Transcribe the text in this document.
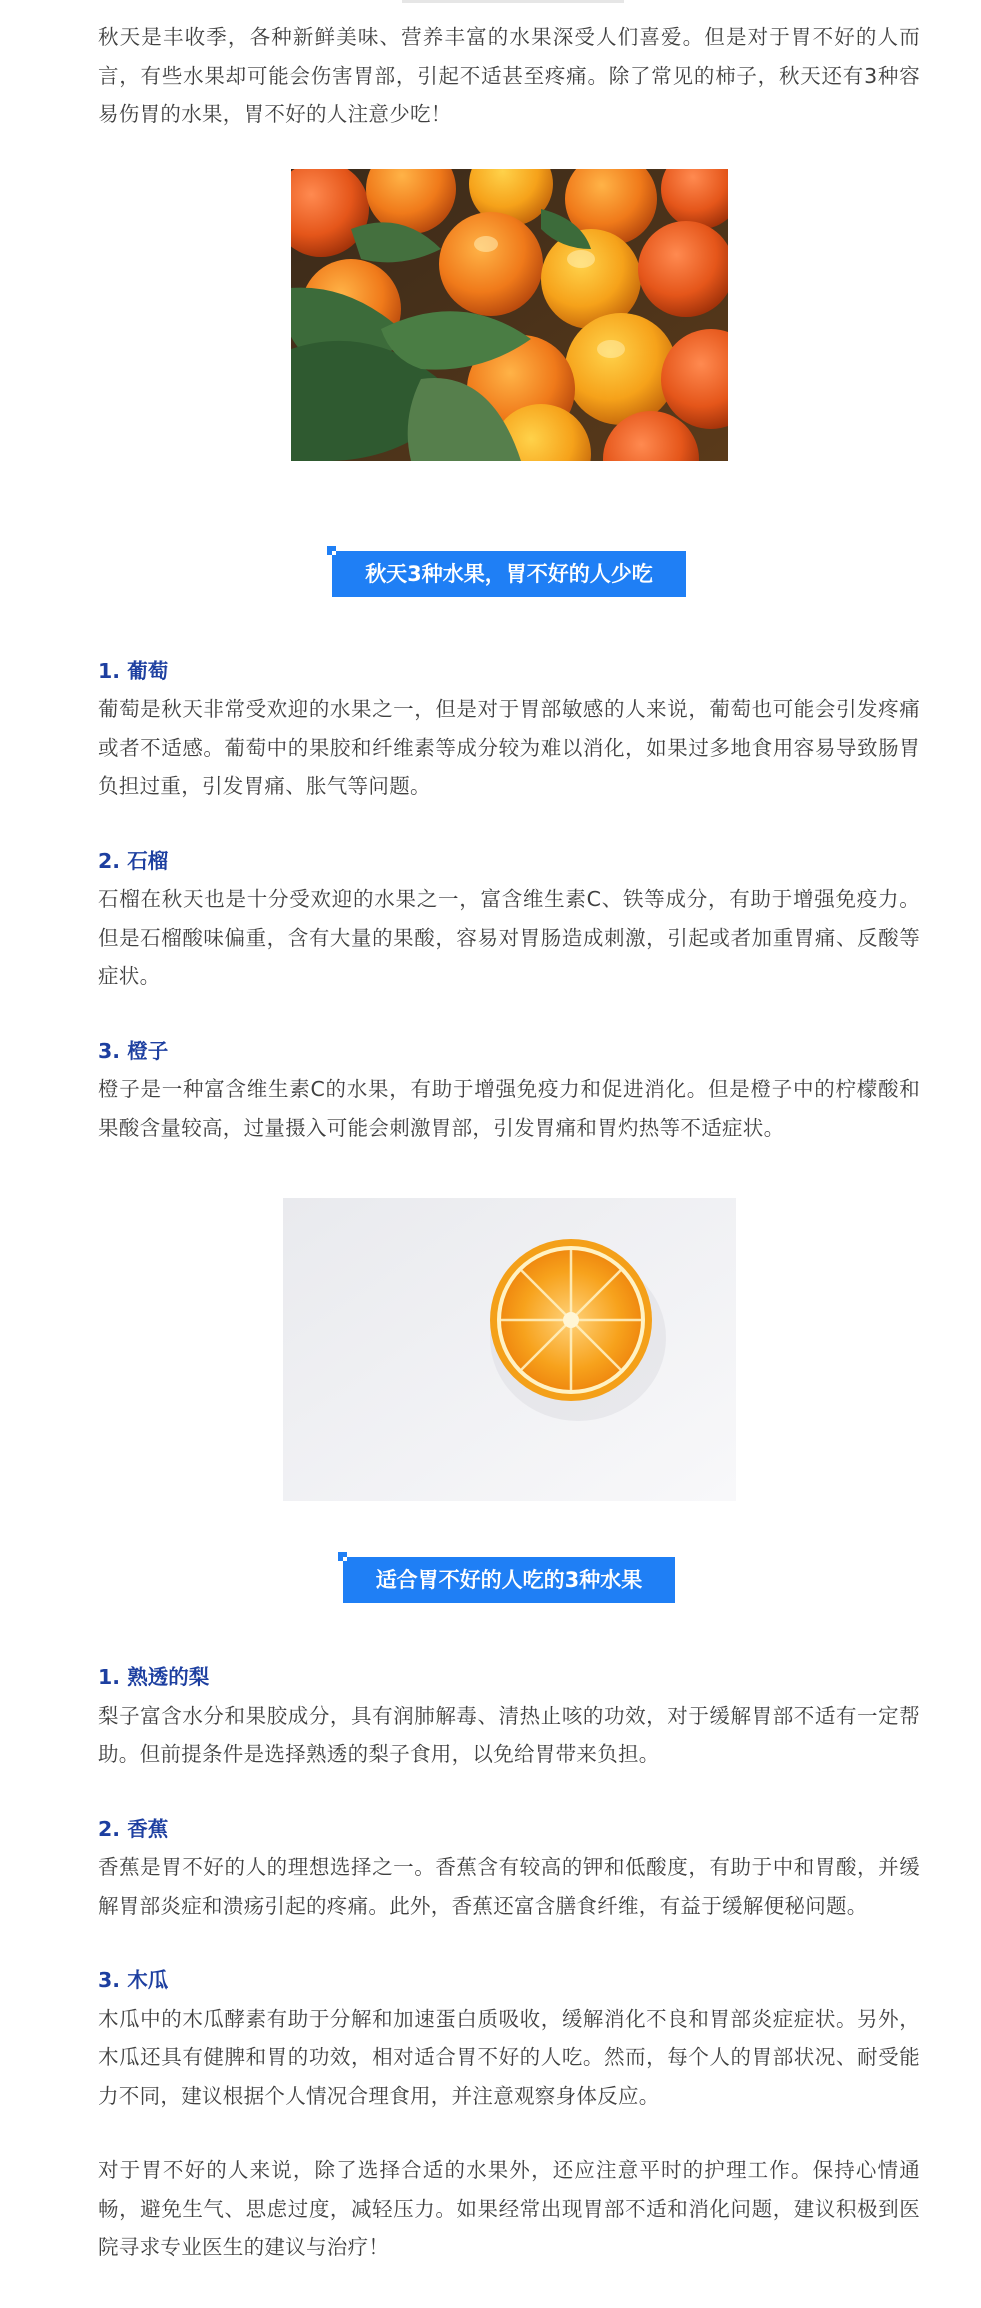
秋天是丰收季，各种新鲜美味、营养丰富的水果深受人们喜爱。但是对于胃不好的人而言，有些水果却可能会伤害胃部，引起不适甚至疼痛。除了常见的柿子，秋天还有3种容易伤胃的水果，胃不好的人注意少吃！

秋天3种水果，胃不好的人少吃
1. 葡萄

葡萄是秋天非常受欢迎的水果之一，但是对于胃部敏感的人来说，葡萄也可能会引发疼痛或者不适感。葡萄中的果胶和纤维素等成分较为难以消化，如果过多地食用容易导致肠胃负担过重，引发胃痛、胀气等问题。

2. 石榴

石榴在秋天也是十分受欢迎的水果之一，富含维生素C、铁等成分，有助于增强免疫力。但是石榴酸味偏重，含有大量的果酸，容易对胃肠造成刺激，引起或者加重胃痛、反酸等症状。

3. 橙子

橙子是一种富含维生素C的水果，有助于增强免疫力和促进消化。但是橙子中的柠檬酸和果酸含量较高，过量摄入可能会刺激胃部，引发胃痛和胃灼热等不适症状。

适合胃不好的人吃的3种水果
1. 熟透的梨

梨子富含水分和果胶成分，具有润肺解毒、清热止咳的功效，对于缓解胃部不适有一定帮助。但前提条件是选择熟透的梨子食用，以免给胃带来负担。

2. 香蕉

香蕉是胃不好的人的理想选择之一。香蕉含有较高的钾和低酸度，有助于中和胃酸，并缓解胃部炎症和溃疡引起的疼痛。此外，香蕉还富含膳食纤维，有益于缓解便秘问题。

3. 木瓜

木瓜中的木瓜酵素有助于分解和加速蛋白质吸收，缓解消化不良和胃部炎症症状。另外，木瓜还具有健脾和胃的功效，相对适合胃不好的人吃。然而，每个人的胃部状况、耐受能力不同，建议根据个人情况合理食用，并注意观察身体反应。

对于胃不好的人来说，除了选择合适的水果外，还应注意平时的护理工作。保持心情通畅，避免生气、思虑过度，减轻压力。如果经常出现胃部不适和消化问题，建议积极到医院寻求专业医生的建议与治疗！
